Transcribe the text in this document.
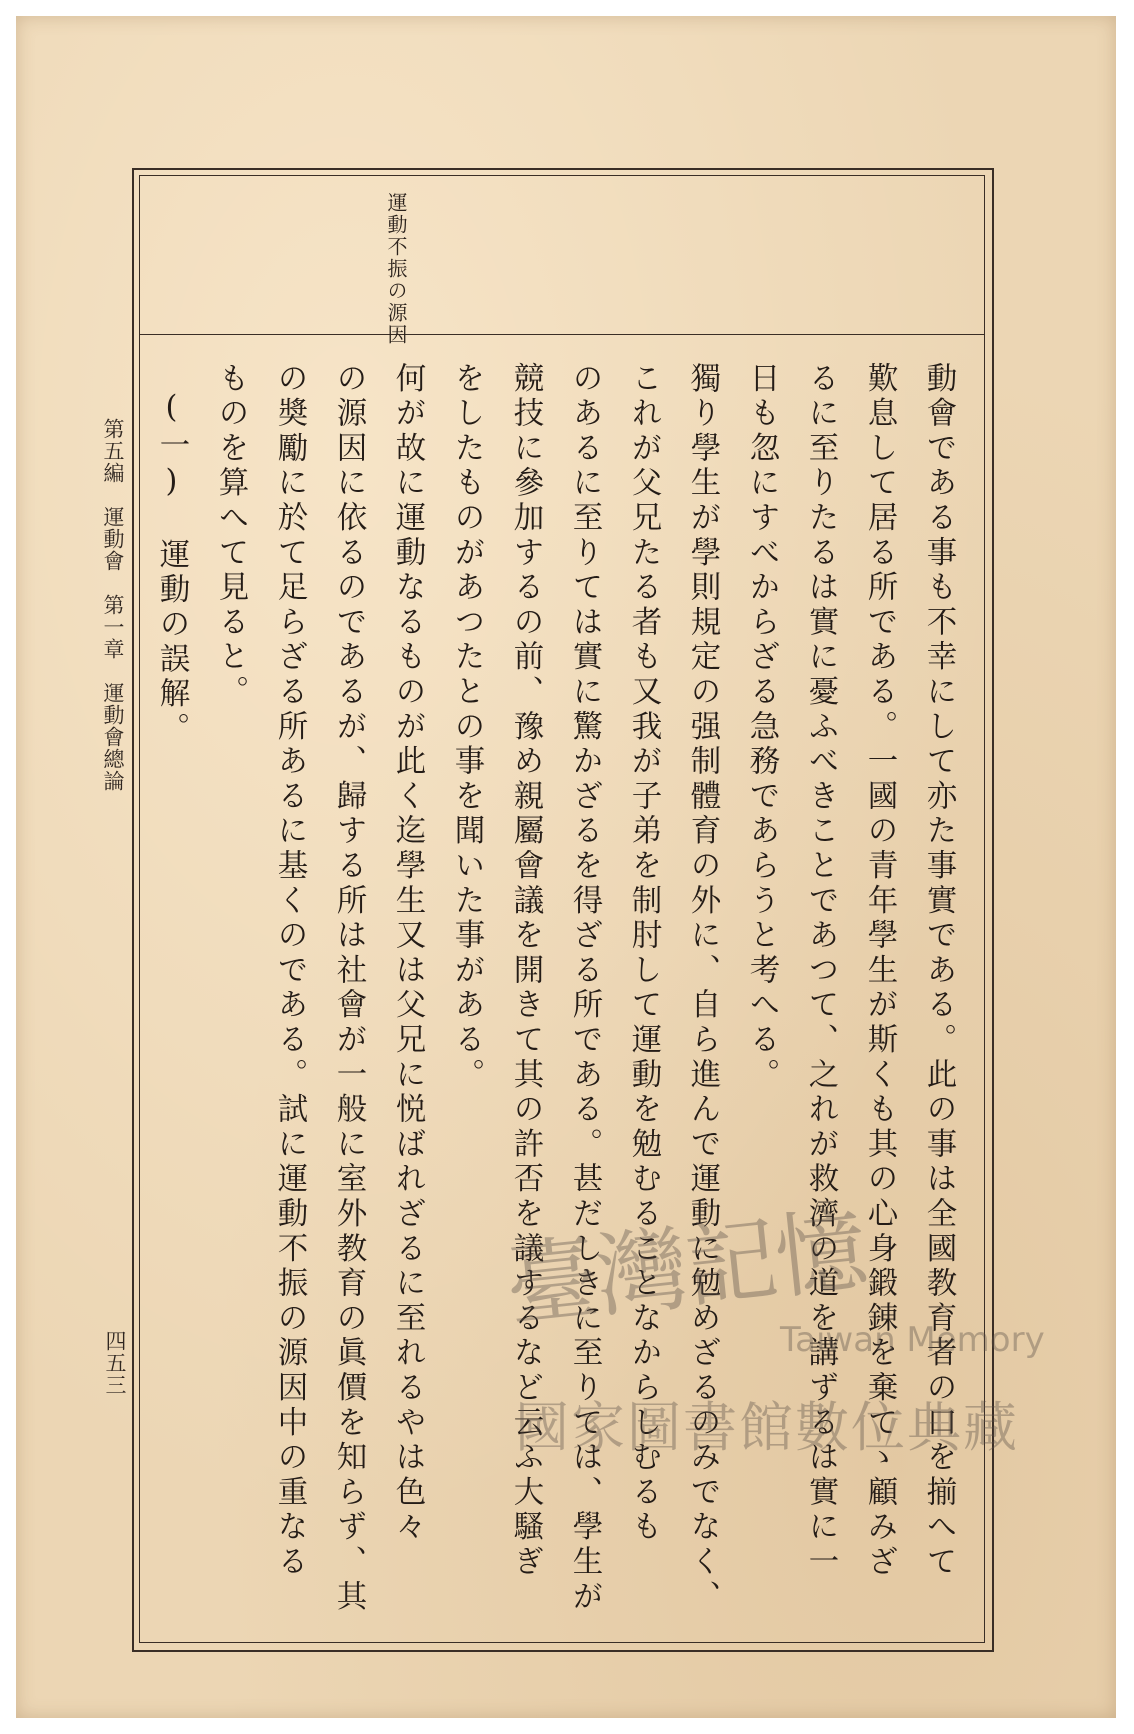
運動不振の源因

動會である事も不幸にして亦た事實である。此の事は全國教育者の口を揃へて

歎息して居る所である。一國の青年學生が斯くも其の心身鍛錬を棄てゝ顧みざ

るに至りたるは實に憂ふべきことであつて、之れが救濟の道を講ずるは實に一

日も忽にすべからざる急務であらうと考へる。

獨り學生が學則規定の强制體育の外に、自ら進んで運動に勉めざるのみでなく、

これが父兄たる者も又我が子弟を制肘して運動を勉むることなからしむるも

のあるに至りては實に驚かざるを得ざる所である。甚だしきに至りては、學生が

競技に參加するの前、豫め親屬會議を開きて其の許否を議するなど云ふ大騷ぎ

をしたものがあつたとの事を聞いた事がある。

何が故に運動なるものが此く迄學生又は父兄に悦ばれざるに至れるやは色々

の源因に依るのであるが、歸する所は社會が一般に室外教育の眞價を知らず、其

の奬勵に於て足らざる所あるに基くのである。試に運動不振の源因中の重なる

ものを算へて見ると。

(一)　運動の誤解。

第五編　運動會　第一章　運動會總論
四五三
臺灣記憶
Taiwan Memory
國家圖書館數位典藏
